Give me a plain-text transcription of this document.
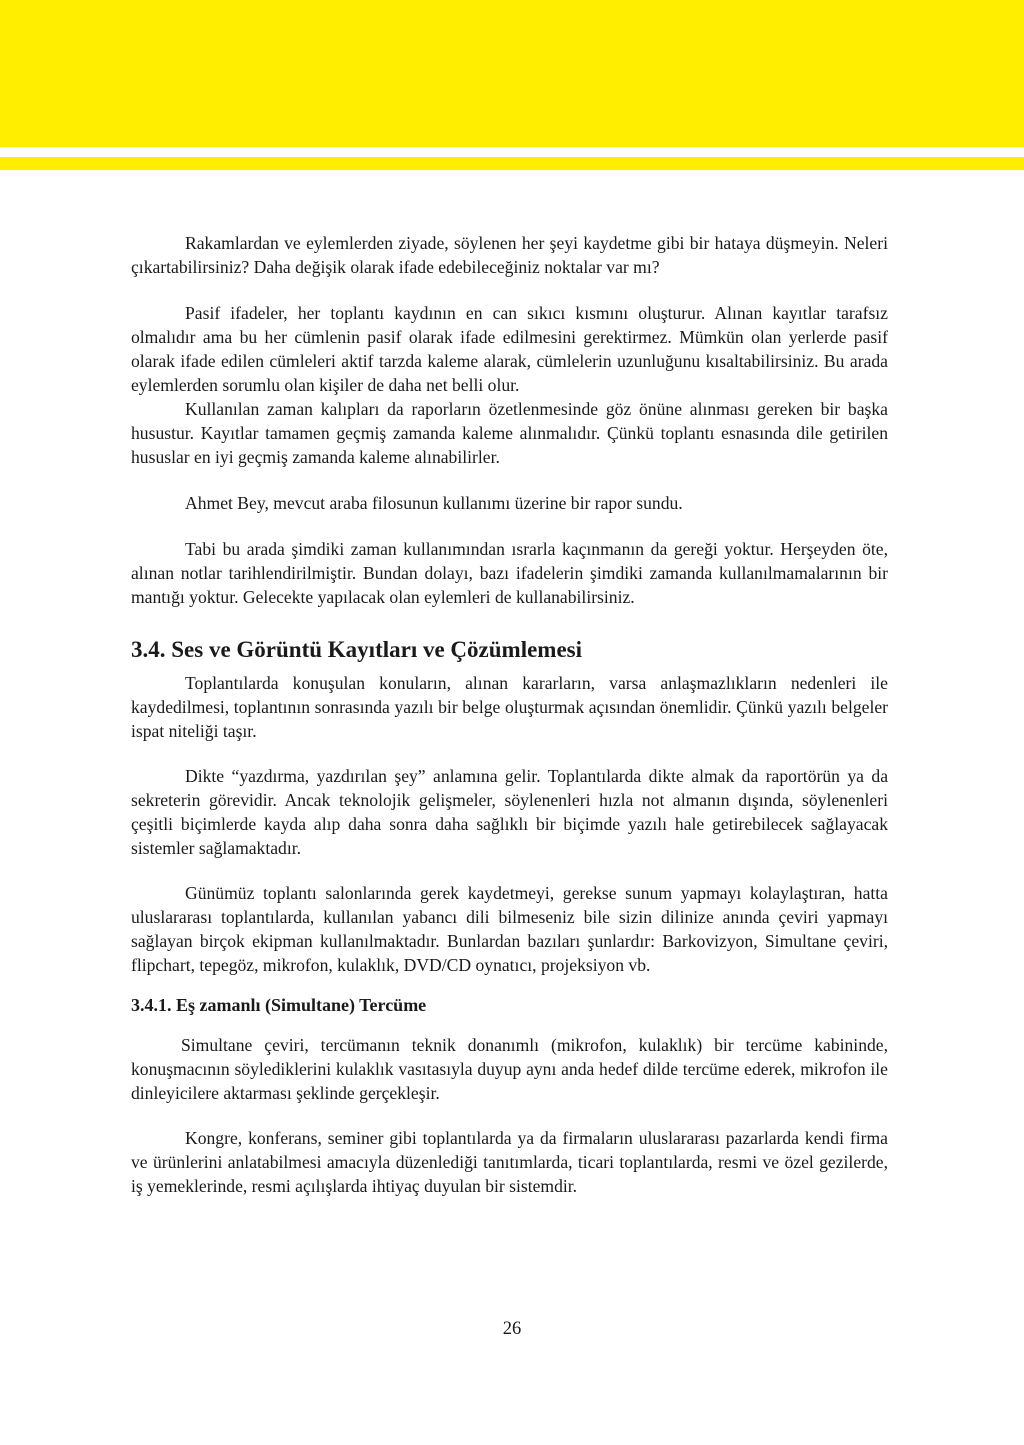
Rakamlardan ve eylemlerden ziyade, söylenen her şeyi kaydetme gibi bir hataya düşmeyin. Neleri çıkartabilirsiniz? Daha değişik olarak ifade edebileceğiniz noktalar var mı?

Pasif ifadeler, her toplantı kaydının en can sıkıcı kısmını oluşturur. Alınan kayıtlar tarafsız olmalıdır ama bu her cümlenin pasif olarak ifade edilmesini gerektirmez. Mümkün olan yerlerde pasif olarak ifade edilen cümleleri aktif tarzda kaleme alarak, cümlelerin uzunluğunu kısaltabilirsiniz. Bu arada eylemlerden sorumlu olan kişiler de daha net belli olur.

Kullanılan zaman kalıpları da raporların özetlenmesinde göz önüne alınması gereken bir başka husustur. Kayıtlar tamamen geçmiş zamanda kaleme alınmalıdır. Çünkü toplantı esnasında dile getirilen hususlar en iyi geçmiş zamanda kaleme alınabilirler.

Ahmet Bey, mevcut araba filosunun kullanımı üzerine bir rapor sundu.

Tabi bu arada şimdiki zaman kullanımından ısrarla kaçınmanın da gereği yoktur. Herşeyden öte, alınan notlar tarihlendirilmiştir. Bundan dolayı, bazı ifadelerin şimdiki zamanda kullanılmamalarının bir mantığı yoktur. Gelecekte yapılacak olan eylemleri de kullanabilirsiniz.

3.4. Ses ve Görüntü Kayıtları ve Çözümlemesi

Toplantılarda konuşulan konuların, alınan kararların, varsa anlaşmazlıkların nedenleri ile kaydedilmesi, toplantının sonrasında yazılı bir belge oluşturmak açısından önemlidir. Çünkü yazılı belgeler ispat niteliği taşır.

Dikte “yazdırma, yazdırılan şey” anlamına gelir. Toplantılarda dikte almak da raportörün ya da sekreterin görevidir. Ancak teknolojik gelişmeler, söylenenleri hızla not almanın dışında, söylenenleri çeşitli biçimlerde kayda alıp daha sonra daha sağlıklı bir biçimde yazılı hale getirebilecek sağlayacak sistemler sağlamaktadır.

Günümüz toplantı salonlarında gerek kaydetmeyi, gerekse sunum yapmayı kolaylaştıran, hatta uluslararası toplantılarda, kullanılan yabancı dili bilmeseniz bile sizin dilinize anında çeviri yapmayı sağlayan birçok ekipman kullanılmaktadır. Bunlardan bazıları şunlardır: Barkovizyon, Simultane çeviri, flipchart, tepegöz, mikrofon, kulaklık, DVD/CD oynatıcı, projeksiyon vb.

3.4.1. Eş zamanlı (Simultane) Tercüme

Simultane çeviri, tercümanın teknik donanımlı (mikrofon, kulaklık) bir tercüme kabininde, konuşmacının söylediklerini kulaklık vasıtasıyla duyup aynı anda hedef dilde tercüme ederek, mikrofon ile dinleyicilere aktarması şeklinde gerçekleşir.

Kongre, konferans, seminer gibi toplantılarda ya da firmaların uluslararası pazarlarda kendi firma ve ürünlerini anlatabilmesi amacıyla düzenlediği tanıtımlarda, ticari toplantılarda, resmi ve özel gezilerde, iş yemeklerinde, resmi açılışlarda ihtiyaç duyulan bir sistemdir.

26
